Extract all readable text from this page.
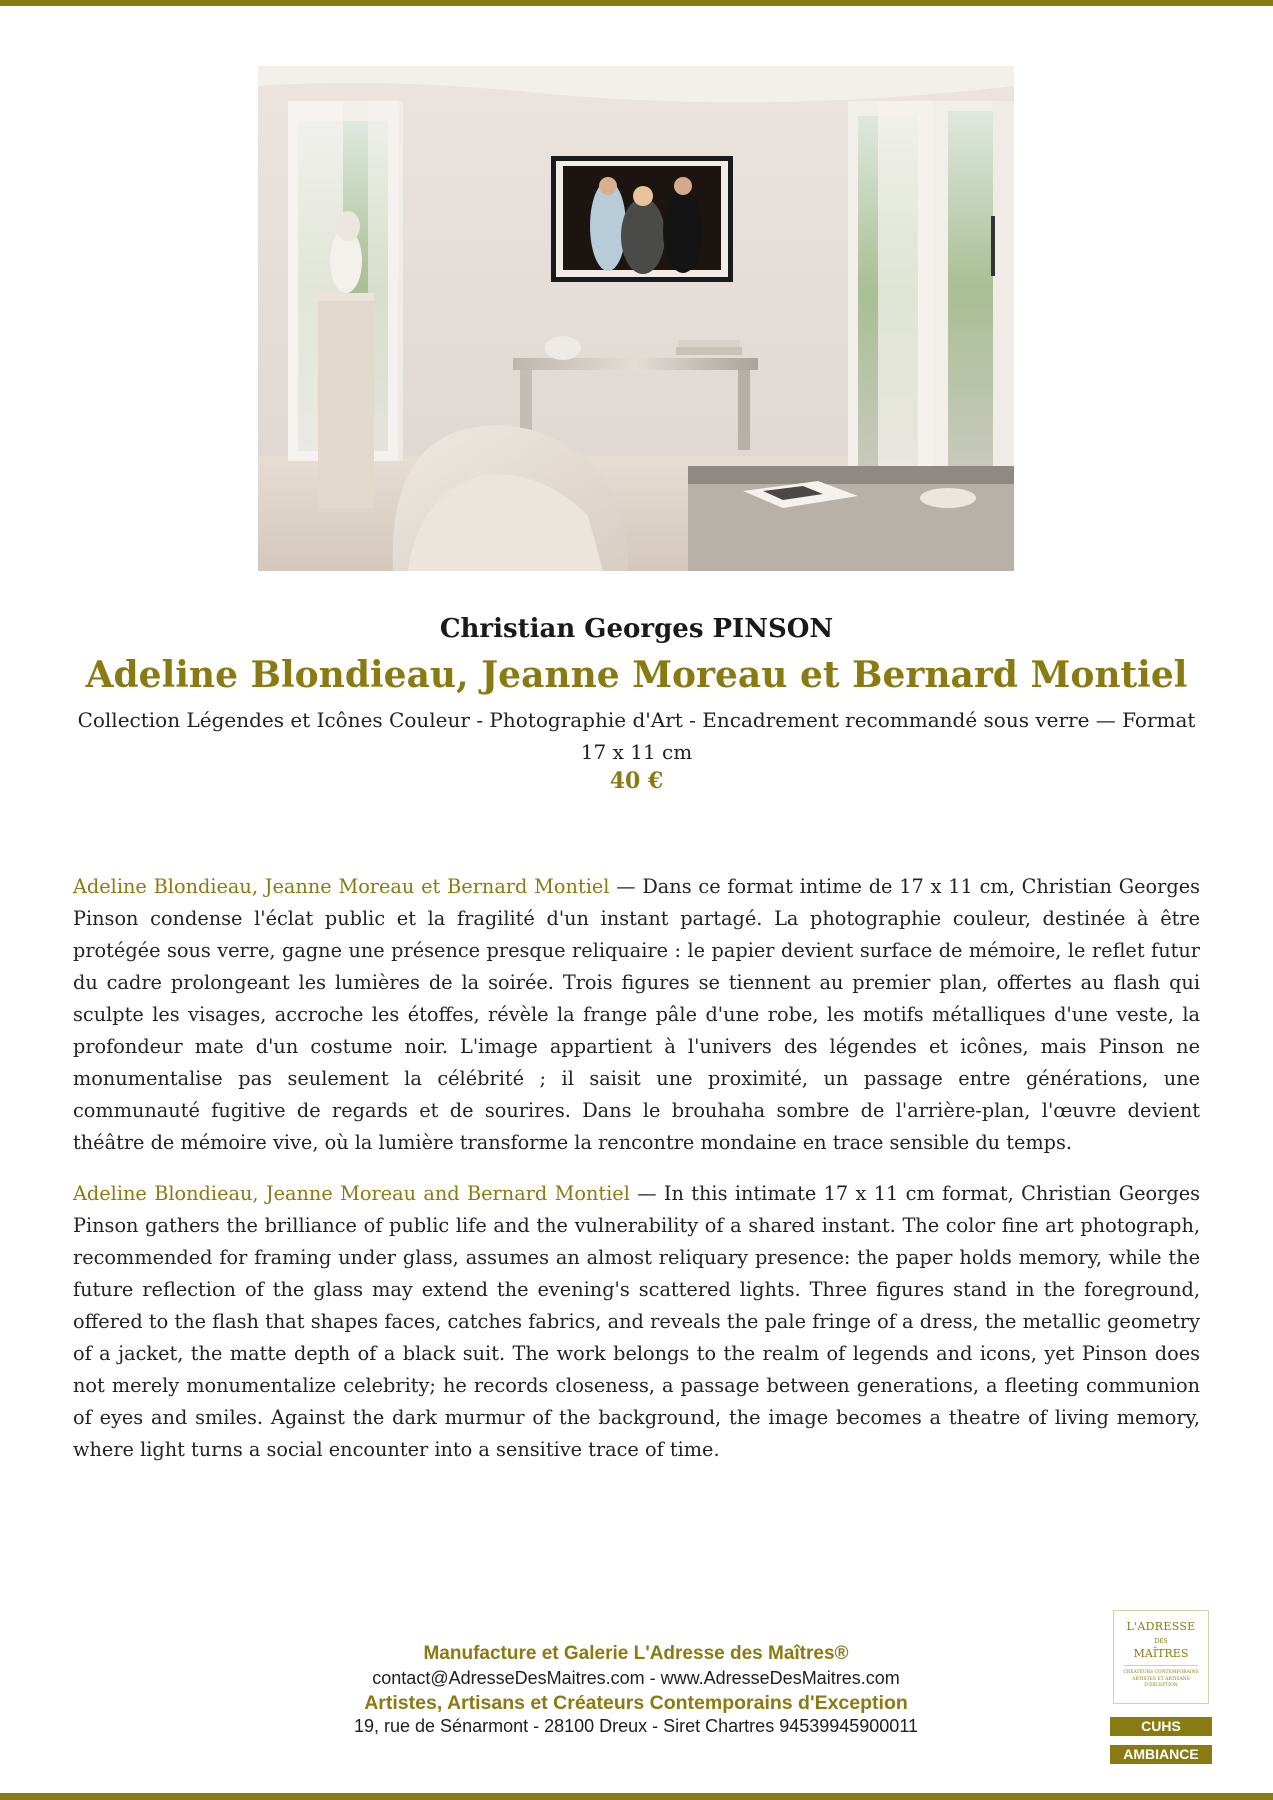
Christian Georges PINSON
Adeline Blondieau, Jeanne Moreau et Bernard Montiel
Collection Légendes et Icônes Couleur - Photographie d'Art - Encadrement recommandé sous verre — Format 17 x 11 cm
40 €

Adeline Blondieau, Jeanne Moreau et Bernard Montiel — Dans ce format intime de 17 x 11 cm, Christian Georges Pinson condense l'éclat public et la fragilité d'un instant partagé. La photographie couleur, destinée à être protégée sous verre, gagne une présence presque reliquaire : le papier devient surface de mémoire, le reflet futur du cadre prolongeant les lumières de la soirée. Trois figures se tiennent au premier plan, offertes au flash qui sculpte les visages, accroche les étoffes, révèle la frange pâle d'une robe, les motifs métalliques d'une veste, la profondeur mate d'un costume noir. L'image appartient à l'univers des légendes et icônes, mais Pinson ne monumentalise pas seulement la célébrité ; il saisit une proximité, un passage entre générations, une communauté fugitive de regards et de sourires. Dans le brouhaha sombre de l'arrière-plan, l'œuvre devient théâtre de mémoire vive, où la lumière transforme la rencontre mondaine en trace sensible du temps.

Adeline Blondieau, Jeanne Moreau and Bernard Montiel — In this intimate 17 x 11 cm format, Christian Georges Pinson gathers the brilliance of public life and the vulnerability of a shared instant. The color fine art photograph, recommended for framing under glass, assumes an almost reliquary presence: the paper holds memory, while the future reflection of the glass may extend the evening's scattered lights. Three figures stand in the foreground, offered to the flash that shapes faces, catches fabrics, and reveals the pale fringe of a dress, the metallic geometry of a jacket, the matte depth of a black suit. The work belongs to the realm of legends and icons, yet Pinson does not merely monumentalize celebrity; he records closeness, a passage between generations, a fleeting communion of eyes and smiles. Against the dark murmur of the background, the image becomes a theatre of living memory, where light turns a social encounter into a sensitive trace of time.

Manufacture et Galerie L'Adresse des Maîtres®
contact@AdresseDesMaitres.com - www.AdresseDesMaitres.com
Artistes, Artisans et Créateurs Contemporains d'Exception
19, rue de Sénarmont - 28100 Dreux - Siret Chartres 94539945900011
L'ADRESSE
DES
MAÎTRES
CRÉATEURS CONTEMPORAINS ARTISTES ET ARTISANS D'EXCEPTION
CUHS
AMBIANCE
